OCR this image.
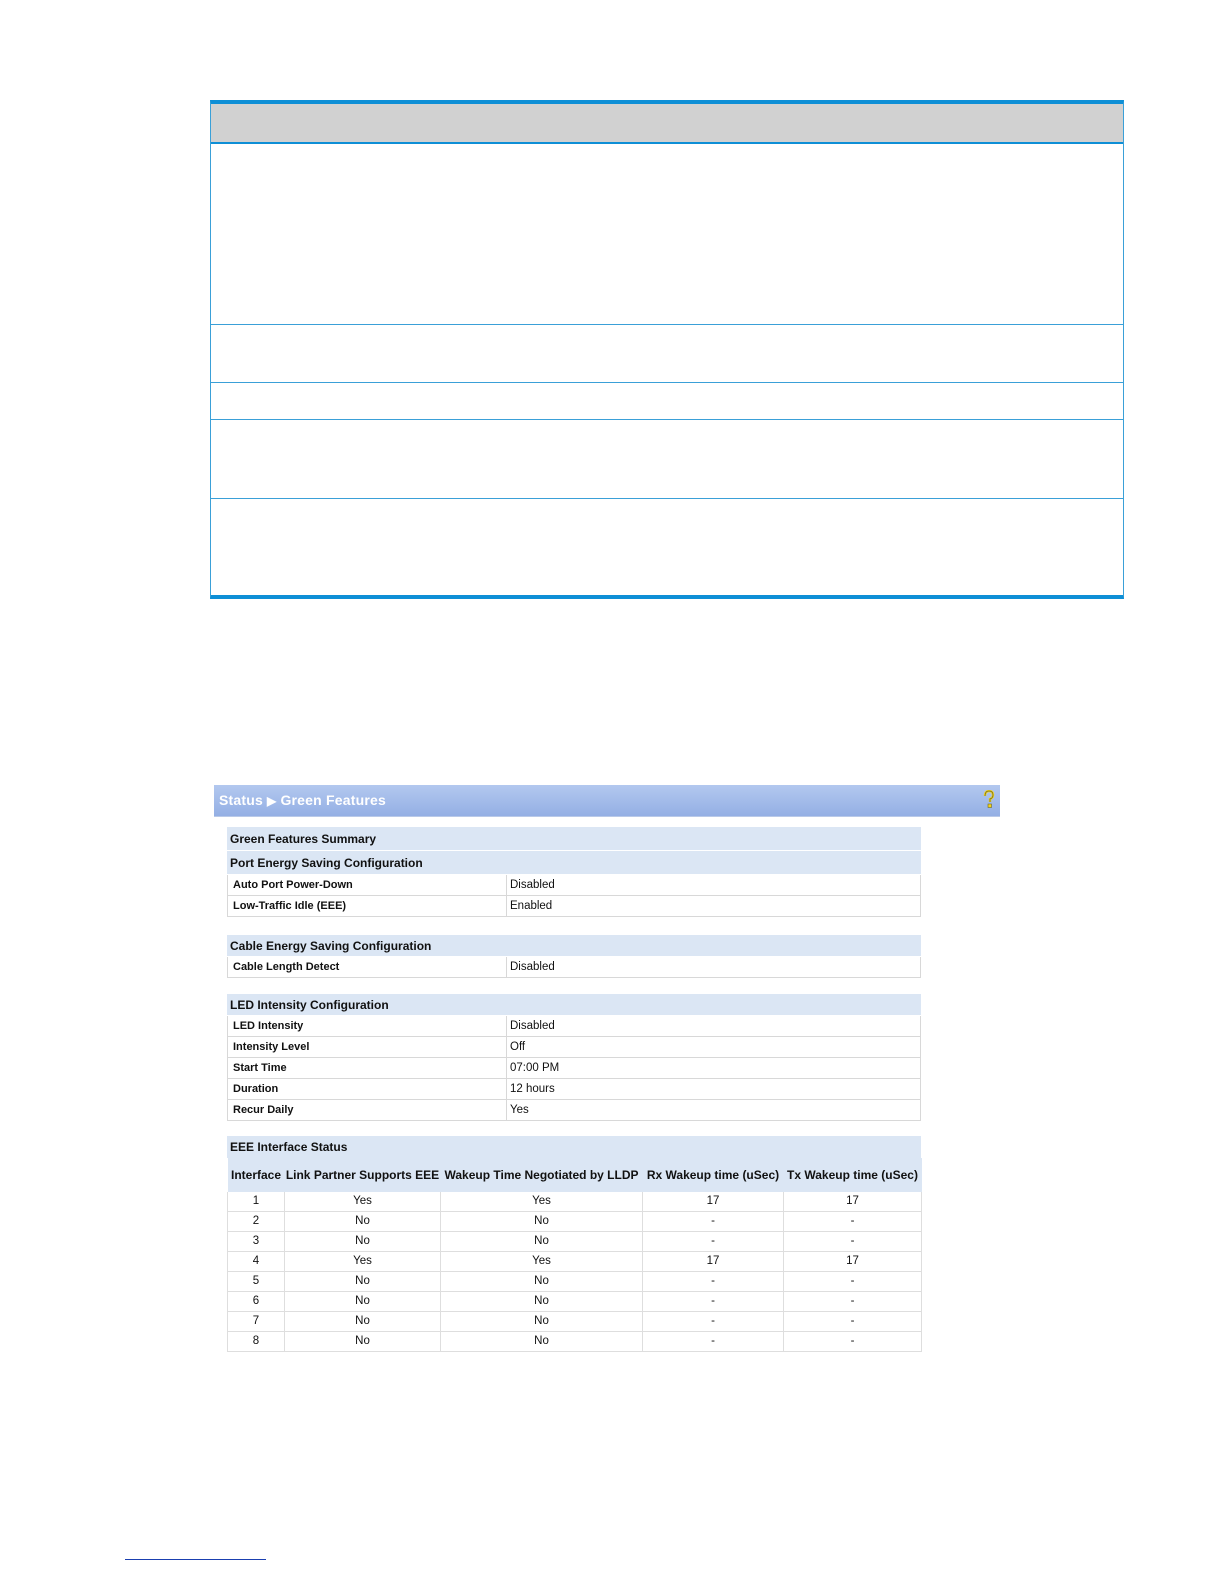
Status ▶ Green Features
Green Features Summary
Port Energy Saving Configuration
Auto Port Power-Down	Disabled
Low-Traffic Idle (EEE)	Enabled
Cable Energy Saving Configuration
Cable Length Detect	Disabled
LED Intensity Configuration
LED Intensity	Disabled
Intensity Level	Off
Start Time	07:00 PM
Duration	12 hours
Recur Daily	Yes
EEE Interface Status
Interface	Link Partner Supports EEE	Wakeup Time Negotiated by LLDP	Rx Wakeup time (uSec)	Tx Wakeup time (uSec)
1	Yes	Yes	17	17
2	No	No	-	-
3	No	No	-	-
4	Yes	Yes	17	17
5	No	No	-	-
6	No	No	-	-
7	No	No	-	-
8	No	No	-	-
